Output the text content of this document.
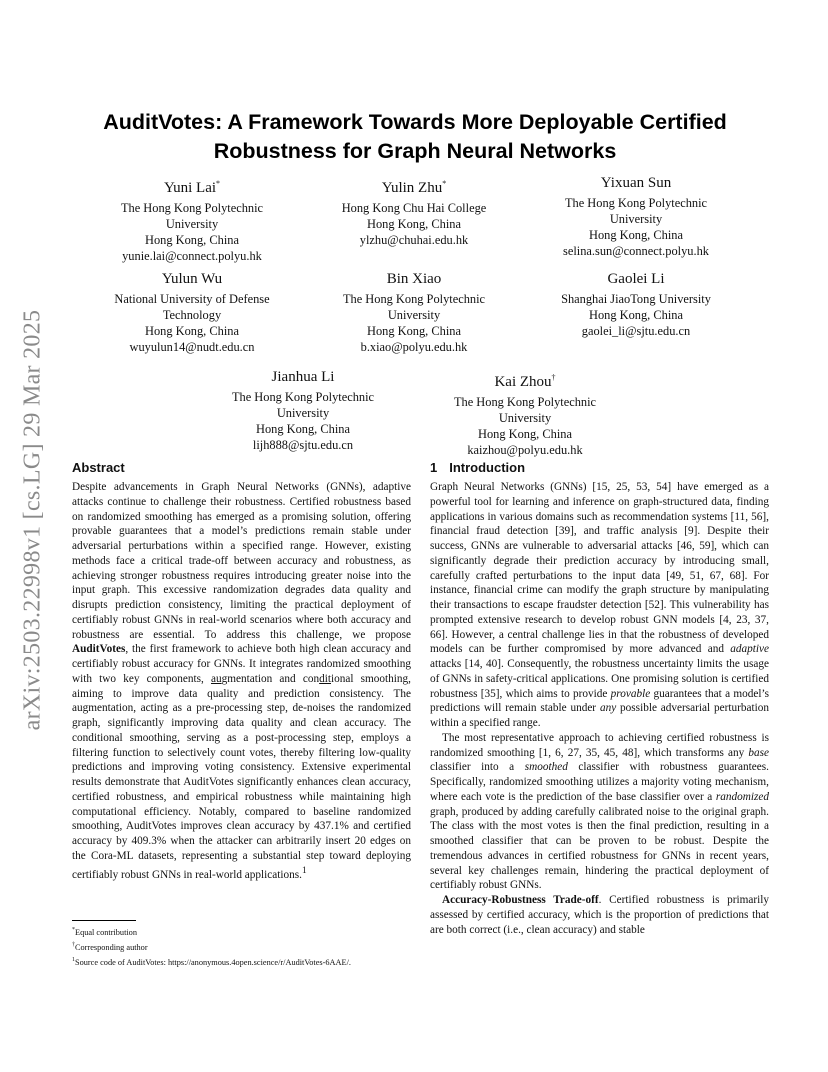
arXiv:2503.22998v1 [cs.LG] 29 Mar 2025
AuditVotes: A Framework Towards More Deployable Certified
Robustness for Graph Neural Networks
Yuni Lai*
The Hong Kong Polytechnic
University
Hong Kong, China
yunie.lai@connect.polyu.hk
Yulin Zhu*
Hong Kong Chu Hai College
Hong Kong, China
ylzhu@chuhai.edu.hk
Yixuan Sun
The Hong Kong Polytechnic
University
Hong Kong, China
selina.sun@connect.polyu.hk
Yulun Wu
National University of Defense
Technology
Hong Kong, China
wuyulun14@nudt.edu.cn
Bin Xiao
The Hong Kong Polytechnic
University
Hong Kong, China
b.xiao@polyu.edu.hk
Gaolei Li
Shanghai JiaoTong University
Hong Kong, China
gaolei_li@sjtu.edu.cn
Jianhua Li
The Hong Kong Polytechnic
University
Hong Kong, China
lijh888@sjtu.edu.cn
Kai Zhou†
The Hong Kong Polytechnic
University
Hong Kong, China
kaizhou@polyu.edu.hk
Abstract

Despite advancements in Graph Neural Networks (GNNs), adaptive attacks continue to challenge their robustness. Certified robustness based on randomized smoothing has emerged as a promising solution, offering provable guarantees that a model’s predictions remain stable under adversarial perturbations within a specified range. However, existing methods face a critical trade-off between accuracy and robustness, as achieving stronger robustness requires introducing greater noise into the input graph. This excessive randomization degrades data quality and disrupts prediction consistency, limiting the practical deployment of certifiably robust GNNs in real-world scenarios where both accuracy and robustness are essential. To address this challenge, we propose AuditVotes, the first framework to achieve both high clean accuracy and certifiably robust accuracy for GNNs. It integrates randomized smoothing with two key components, augmentation and conditional smoothing, aiming to improve data quality and prediction consistency. The augmentation, acting as a pre-processing step, de-noises the randomized graph, significantly improving data quality and clean accuracy. The conditional smoothing, serving as a post-processing step, employs a filtering function to selectively count votes, thereby filtering low-quality predictions and improving voting consistency. Extensive experimental results demonstrate that AuditVotes significantly enhances clean accuracy, certified robustness, and empirical robustness while maintaining high computational efficiency. Notably, compared to baseline randomized smoothing, AuditVotes improves clean accuracy by 437.1% and certified accuracy by 409.3% when the attacker can arbitrarily insert 20 edges on the Cora-ML datasets, representing a substantial step toward deploying certifiably robust GNNs in real-world applications.$^1$

1 Introduction

Graph Neural Networks (GNNs) [15, 25, 53, 54] have emerged as a powerful tool for learning and inference on graph-structured data, finding applications in various domains such as recommendation systems [11, 56], financial fraud detection [39], and traffic analysis [9]. Despite their success, GNNs are vulnerable to adversarial attacks [46, 59], which can significantly degrade their prediction accuracy by introducing small, carefully crafted perturbations to the input data [49, 51, 67, 68]. For instance, financial crime can modify the graph structure by manipulating their transactions to escape fraudster detection [52]. This vulnerability has prompted extensive research to develop robust GNN models [4, 23, 37, 66]. However, a central challenge lies in that the robustness of developed models can be further compromised by more advanced and adaptive attacks [14, 40]. Consequently, the robustness uncertainty limits the usage of GNNs in safety-critical applications. One promising solution is certified robustness [35], which aims to provide provable guarantees that a model’s predictions will remain stable under any possible adversarial perturbation within a specified range.

The most representative approach to achieving certified robustness is randomized smoothing [1, 6, 27, 35, 45, 48], which transforms any base classifier into a smoothed classifier with robustness guarantees. Specifically, randomized smoothing utilizes a majority voting mechanism, where each vote is the prediction of the base classifier over a randomized graph, produced by adding carefully calibrated noise to the original graph. The class with the most votes is then the final prediction, resulting in a smoothed classifier that can be proven to be robust. Despite the tremendous advances in certified robustness for GNNs in recent years, several key challenges remain, hindering the practical deployment of certifiably robust GNNs.

Accuracy-Robustness Trade-off. Certified robustness is primarily assessed by certified accuracy, which is the proportion of predictions that are both correct (i.e., clean accuracy) and stable

*Equal contribution
†Corresponding author
$^1$Source code of AuditVotes: https://anonymous.4open.science/r/AuditVotes-6AAE/.
